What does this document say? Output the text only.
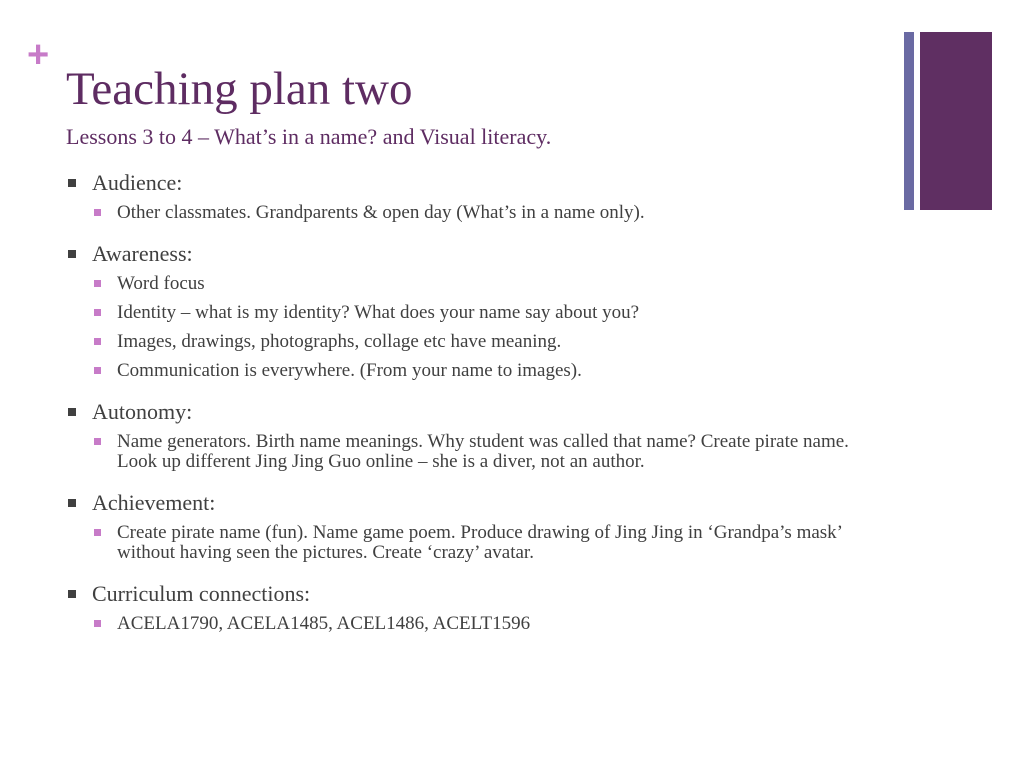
+
Teaching plan two
Lessons 3 to 4 – What’s in a name? and Visual literacy.
Audience:
Other classmates. Grandparents & open day (What’s in a name only).
Awareness:
Word focus
Identity – what is my identity? What does your name say about you?
Images, drawings, photographs, collage etc have meaning.
Communication is everywhere. (From your name to images).
Autonomy:
Name generators. Birth name meanings. Why student was called that name? Create pirate name. Look up different Jing Jing Guo online – she is a diver, not an author.
Achievement:
Create pirate name (fun). Name game poem. Produce drawing of Jing Jing in ‘Grandpa’s mask’ without having seen the pictures. Create ‘crazy’ avatar.
Curriculum connections:
ACELA1790, ACELA1485, ACEL1486, ACELT1596
